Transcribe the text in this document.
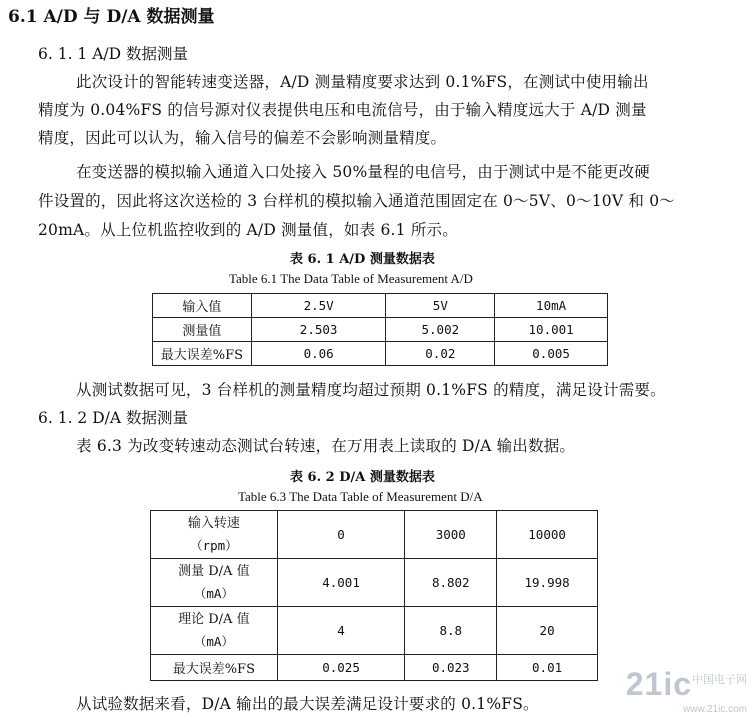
6.1 A/D 与 D/A 数据测量
6. 1. 1 A/D 数据测量
此次设计的智能转速变送器，A/D 测量精度要求达到 0.1%FS，在测试中使用输出
精度为 0.04%FS 的信号源对仪表提供电压和电流信号，由于输入精度远大于 A/D 测量
精度，因此可以认为，输入信号的偏差不会影响测量精度。
在变送器的模拟输入通道入口处接入 50%量程的电信号，由于测试中是不能更改硬
件设置的，因此将这次送检的 3 台样机的模拟输入通道范围固定在 0～5V、0～10V 和 0～
20mA。从上位机监控收到的 A/D 测量值，如表 6.1 所示。
表 6. 1 A/D 测量数据表
Table 6.1 The Data Table of Measurement A/D
输入值	2.5V	5V	10mA
测量值	2.503	5.002	10.001
最大误差%FS	0.06	0.02	0.005
从测试数据可见，3 台样机的测量精度均超过预期 0.1%FS 的精度，满足设计需要。
6. 1. 2 D/A 数据测量
表 6.3 为改变转速动态测试台转速，在万用表上读取的 D/A 输出数据。
表 6. 2 D/A 测量数据表
Table 6.3 The Data Table of Measurement D/A
输入转速
（rpm）	0	3000	10000

测量 D/A 值
（mA）	4.001	8.802	19.998

理论 D/A 值
（mA）	4	8.8	20
最大误差%FS	0.025	0.023	0.01
从试验数据来看，D/A 输出的最大误差满足设计要求的 0.1%FS。
$21ic^{中国电子网}$
www.21ic.com
